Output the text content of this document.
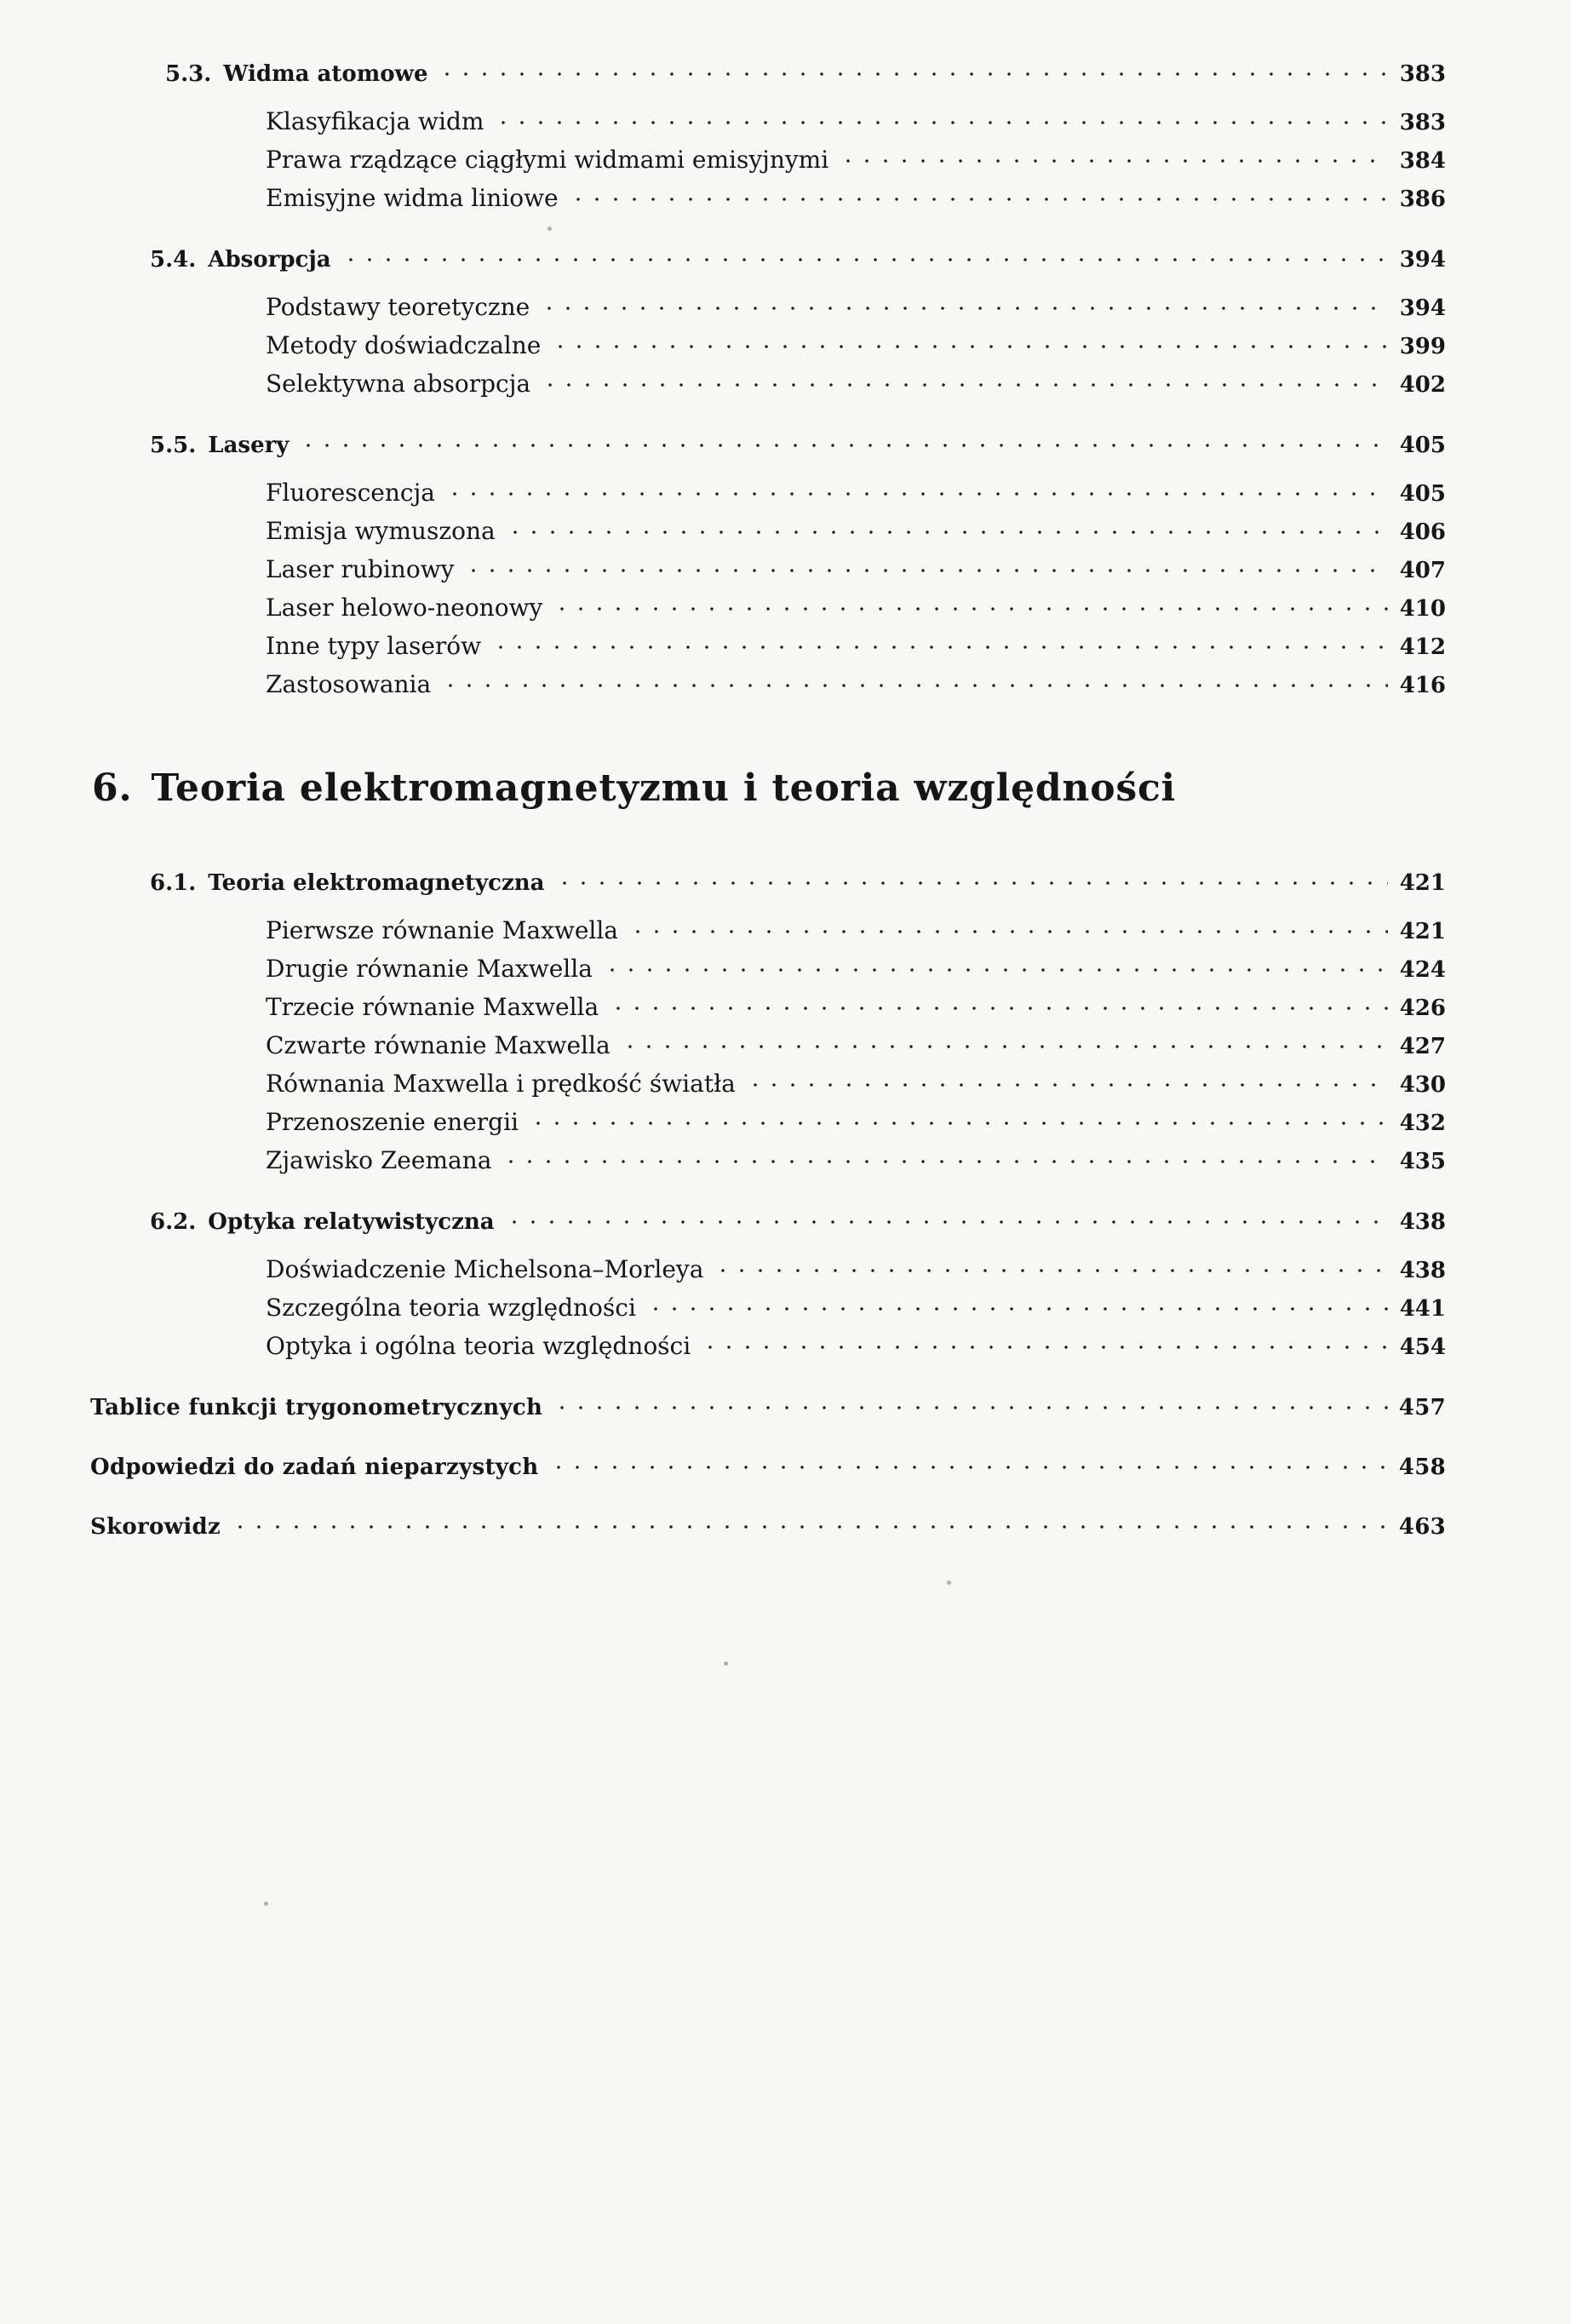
5.3. Widma atomowe	383
Klasyfikacja widm	383
Prawa rządzące ciągłymi widmami emisyjnymi	384
Emisyjne widma liniowe	386
5.4. Absorpcja	394
Podstawy teoretyczne	394
Metody doświadczalne	399
Selektywna absorpcja	402
5.5. Lasery	405
Fluorescencja	405
Emisja wymuszona	406
Laser rubinowy	407
Laser helowo-neonowy	410
Inne typy laserów	412
Zastosowania	416
6. Teoria elektromagnetyzmu i teoria względności
6.1. Teoria elektromagnetyczna	421
Pierwsze równanie Maxwella	421
Drugie równanie Maxwella	424
Trzecie równanie Maxwella	426
Czwarte równanie Maxwella	427
Równania Maxwella i prędkość światła	430
Przenoszenie energii	432
Zjawisko Zeemana	435
6.2. Optyka relatywistyczna	438
Doświadczenie Michelsona–Morleya	438
Szczególna teoria względności	441
Optyka i ogólna teoria względności	454
Tablice funkcji trygonometrycznych	457
Odpowiedzi do zadań nieparzystych	458
Skorowidz	463
